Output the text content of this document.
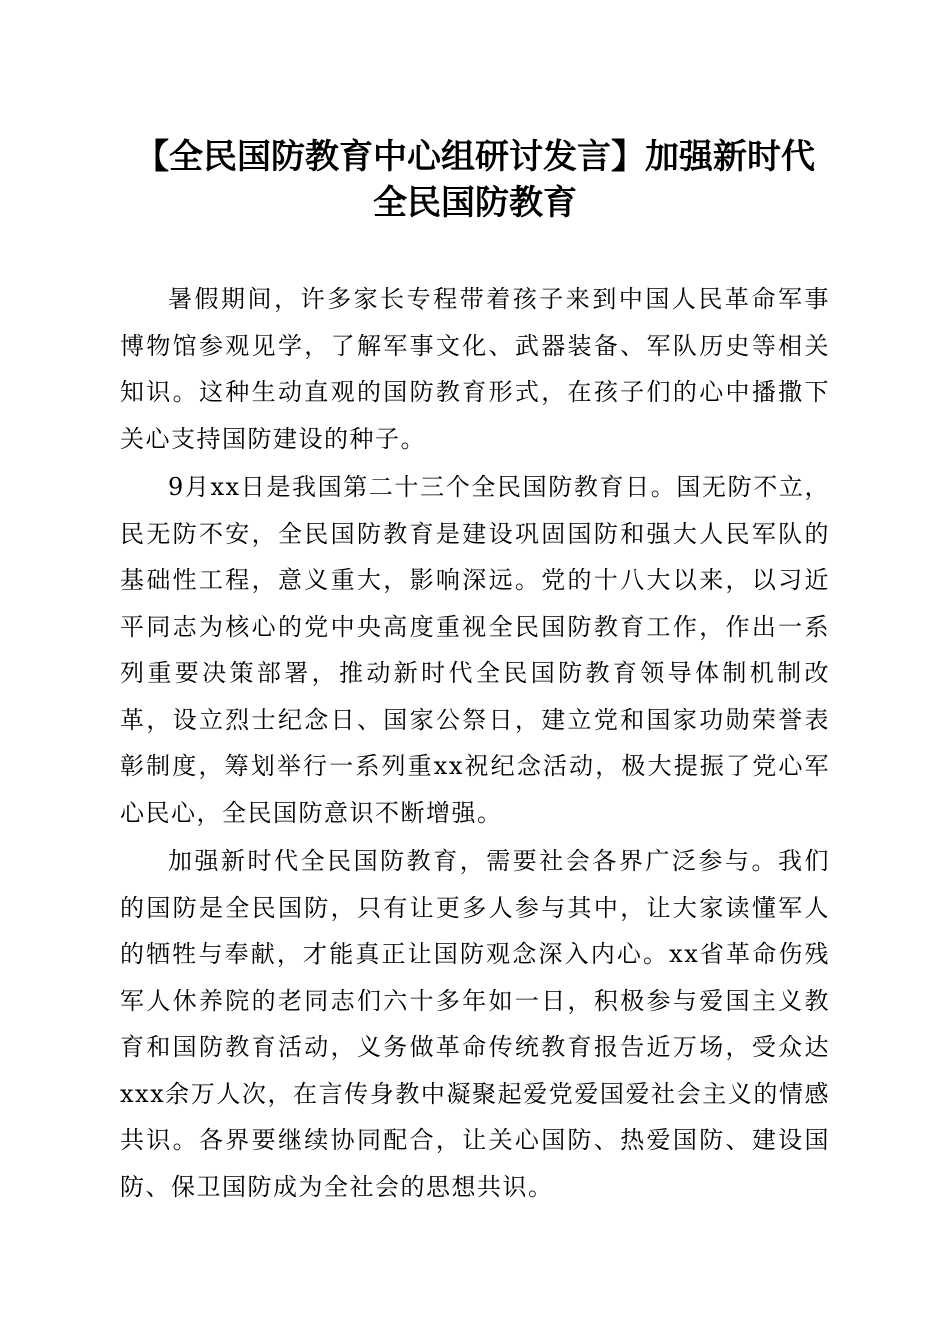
【全民国防教育中心组研讨发言】加强新时代
全民国防教育

暑假期间，许多家长专程带着孩子来到中国人民革命军事博物馆参观见学，了解军事文化、武器装备、军队历史等相关知识。这种生动直观的国防教育形式，在孩子们的心中播撒下关心支持国防建设的种子。

9月xx日是我国第二十三个全民国防教育日。国无防不立，民无防不安，全民国防教育是建设巩固国防和强大人民军队的基础性工程，意义重大，影响深远。党的十八大以来，以习近平同志为核心的党中央高度重视全民国防教育工作，作出一系列重要决策部署，推动新时代全民国防教育领导体制机制改革，设立烈士纪念日、国家公祭日，建立党和国家功勋荣誉表彰制度，筹划举行一系列重xx祝纪念活动，极大提振了党心军心民心，全民国防意识不断增强。

加强新时代全民国防教育，需要社会各界广泛参与。我们的国防是全民国防，只有让更多人参与其中，让大家读懂军人的牺牲与奉献，才能真正让国防观念深入内心。xx省革命伤残军人休养院的老同志们六十多年如一日，积极参与爱国主义教育和国防教育活动，义务做革命传统教育报告近万场，受众达xxx余万人次，在言传身教中凝聚起爱党爱国爱社会主义的情感共识。各界要继续协同配合，让关心国防、热爱国防、建设国防、保卫国防成为全社会的思想共识。
